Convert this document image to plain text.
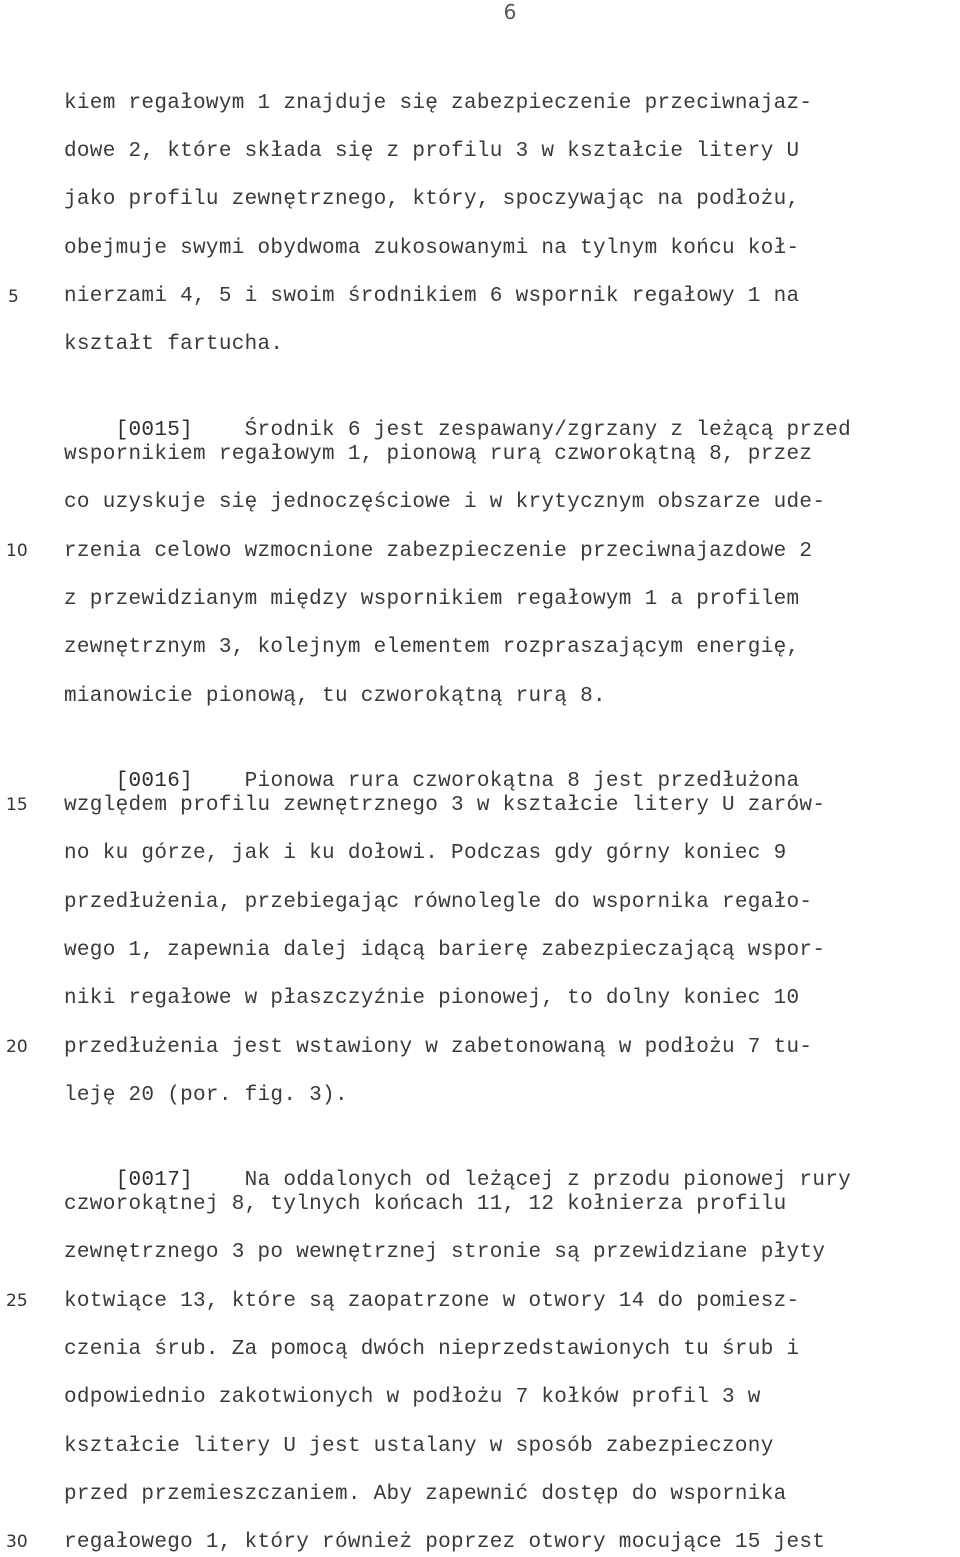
6
5
10
15
20
25
30
kiem regałowym 1 znajduje się zabezpieczenie przeciwnajaz-
dowe 2, które składa się z profilu 3 w kształcie litery U
jako profilu zewnętrznego, który, spoczywając na podłożu,
obejmuje swymi obydwoma zukosowanymi na tylnym końcu koł-
nierzami 4, 5 i swoim środnikiem 6 wspornik regałowy 1 na
kształt fartucha.

[0015] Środnik 6 jest zespawany/zgrzany z leżącą przed

wspornikiem regałowym 1, pionową rurą czworokątną 8, przez
co uzyskuje się jednoczęściowe i w krytycznym obszarze ude-
rzenia celowo wzmocnione zabezpieczenie przeciwnajazdowe 2
z przewidzianym między wspornikiem regałowym 1 a profilem
zewnętrznym 3, kolejnym elementem rozpraszającym energię,
mianowicie pionową, tu czworokątną rurą 8.

[0016] Pionowa rura czworokątna 8 jest przedłużona

względem profilu zewnętrznego 3 w kształcie litery U zarów-
no ku górze, jak i ku dołowi. Podczas gdy górny koniec 9
przedłużenia, przebiegając równolegle do wspornika regało-
wego 1, zapewnia dalej idącą barierę zabezpieczającą wspor-
niki regałowe w płaszczyźnie pionowej, to dolny koniec 10
przedłużenia jest wstawiony w zabetonowaną w podłożu 7 tu-
leję 20 (por. fig. 3).

[0017] Na oddalonych od leżącej z przodu pionowej rury

czworokątnej 8, tylnych końcach 11, 12 kołnierza profilu
zewnętrznego 3 po wewnętrznej stronie są przewidziane płyty
kotwiące 13, które są zaopatrzone w otwory 14 do pomiesz-
czenia śrub. Za pomocą dwóch nieprzedstawionych tu śrub i
odpowiednio zakotwionych w podłożu 7 kołków profil 3 w
kształcie litery U jest ustalany w sposób zabezpieczony
przed przemieszczaniem. Aby zapewnić dostęp do wspornika
regałowego 1, który również poprzez otwory mocujące 15 jest
